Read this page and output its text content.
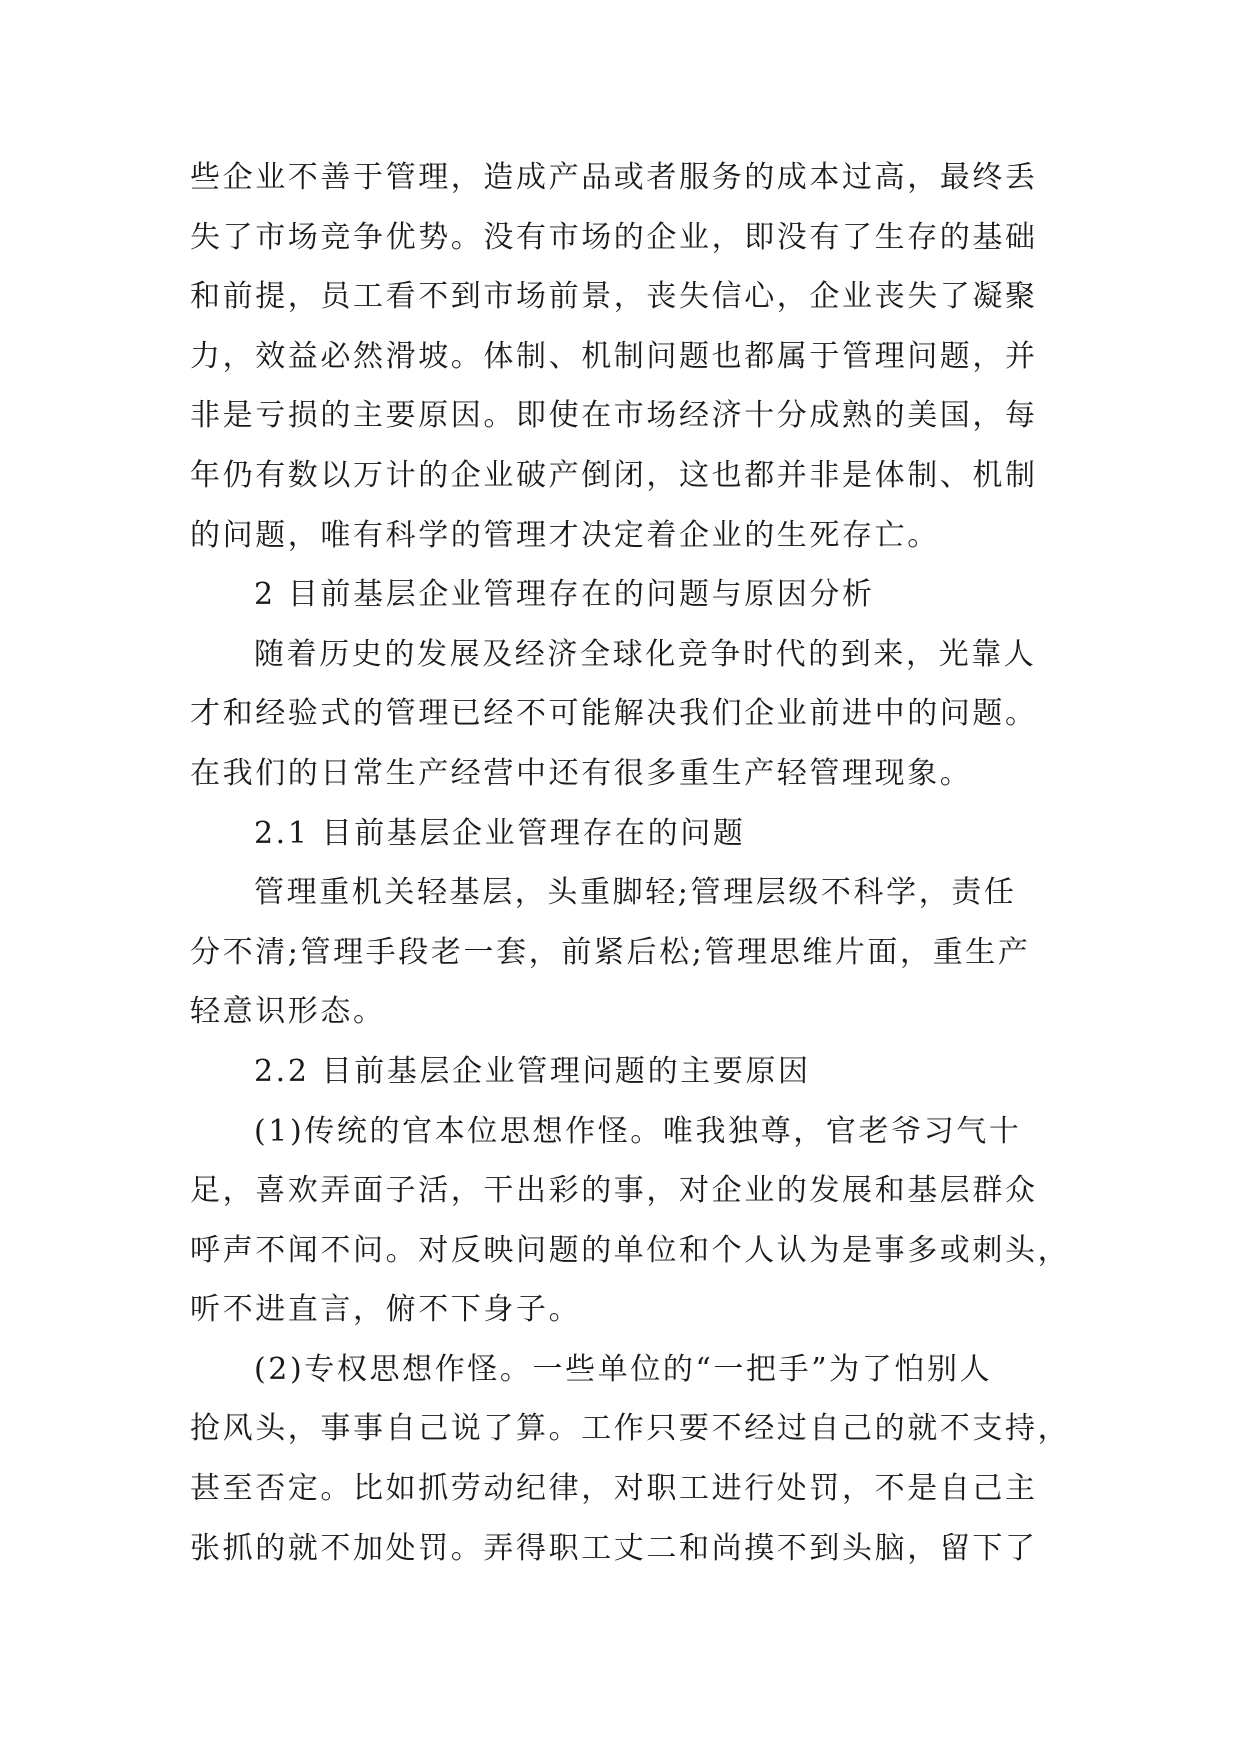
些企业不善于管理，造成产品或者服务的成本过高，最终丢
失了市场竞争优势。没有市场的企业，即没有了生存的基础
和前提，员工看不到市场前景，丧失信心，企业丧失了凝聚
力，效益必然滑坡。体制、机制问题也都属于管理问题，并
非是亏损的主要原因。即使在市场经济十分成熟的美国，每
年仍有数以万计的企业破产倒闭，这也都并非是体制、机制
的问题，唯有科学的管理才决定着企业的生死存亡。
2 目前基层企业管理存在的问题与原因分析
随着历史的发展及经济全球化竞争时代的到来，光靠人
才和经验式的管理已经不可能解决我们企业前进中的问题。
在我们的日常生产经营中还有很多重生产轻管理现象。
2.1 目前基层企业管理存在的问题
管理重机关轻基层，头重脚轻;管理层级不科学，责任
分不清;管理手段老一套，前紧后松;管理思维片面，重生产
轻意识形态。
2.2 目前基层企业管理问题的主要原因
(1)传统的官本位思想作怪。唯我独尊，官老爷习气十
足，喜欢弄面子活，干出彩的事，对企业的发展和基层群众
呼声不闻不问。对反映问题的单位和个人认为是事多或刺头，
听不进直言，俯不下身子。
(2)专权思想作怪。一些单位的“一把手”为了怕别人
抢风头，事事自己说了算。工作只要不经过自己的就不支持，
甚至否定。比如抓劳动纪律，对职工进行处罚，不是自己主
张抓的就不加处罚。弄得职工丈二和尚摸不到头脑，留下了
